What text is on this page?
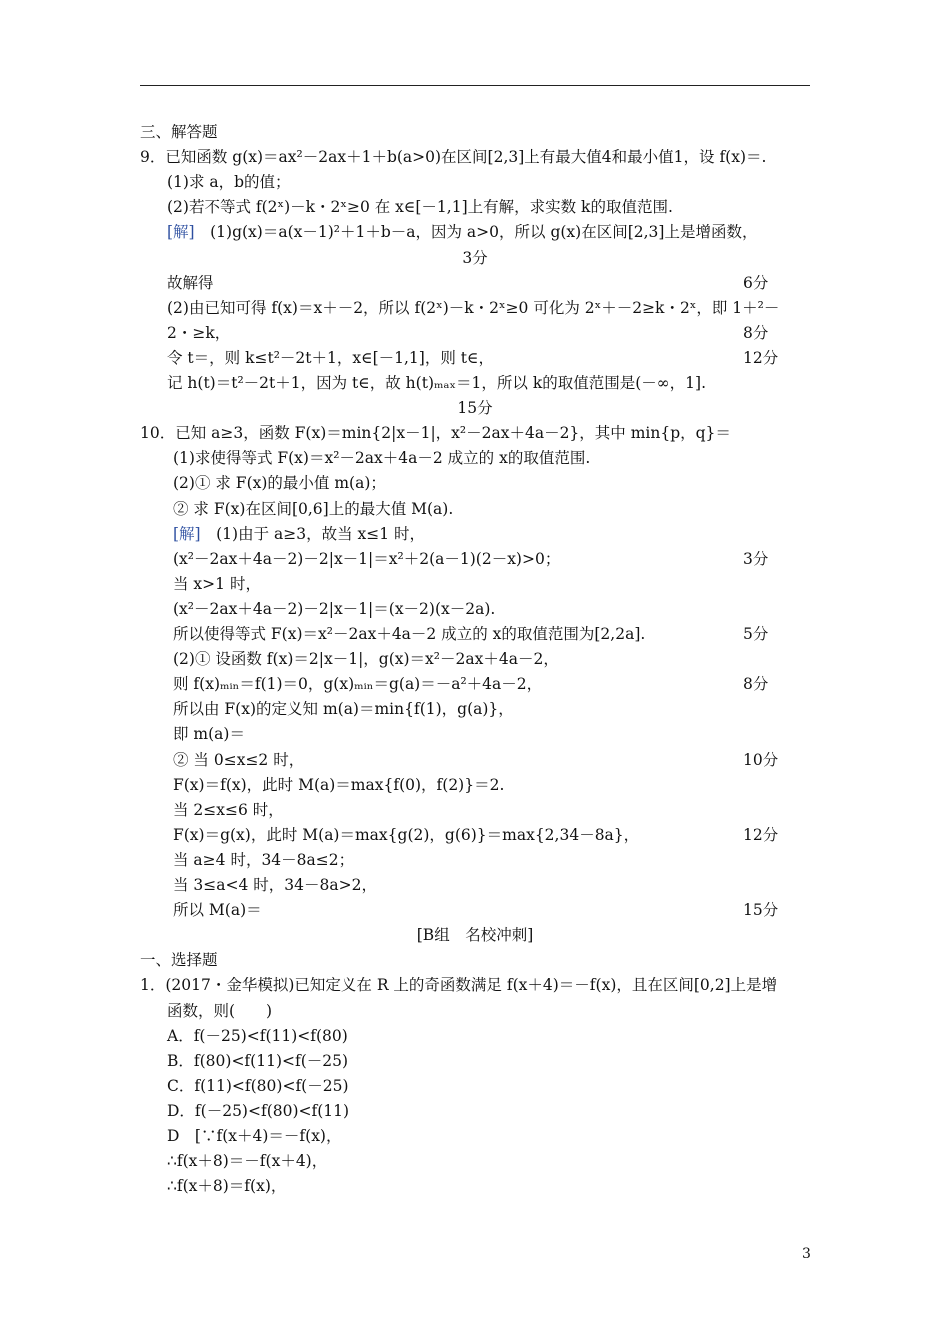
三、解答题
9．已知函数 g(x)＝ax²－2ax＋1＋b(a>0)在区间[2,3]上有最大值4和最小值1，设 f(x)＝.
(1)求 a，b的值；
(2)若不等式 f(2ˣ)－k・2ˣ≥0 在 x∈[－1,1]上有解，求实数 k的取值范围.
[解]　(1)g(x)＝a(x－1)²＋1＋b－a，因为 a>0，所以 g(x)在区间[2,3]上是增函数，
3分
故解得	6分
(2)由已知可得 f(x)＝x＋－2，所以 f(2ˣ)－k・2ˣ≥0 可化为 2ˣ＋－2≥k・2ˣ，即 1＋²－
2・≥k，	8分
令 t＝，则 k≤t²－2t＋1，x∈[－1,1]，则 t∈，	12分
记 h(t)＝t²－2t＋1，因为 t∈，故 h(t)ₘₐₓ＝1，所以 k的取值范围是(－∞，1].
15分
10．已知 a≥3，函数 F(x)＝min{2|x－1|，x²－2ax＋4a－2}，其中 min{p，q}＝
(1)求使得等式 F(x)＝x²－2ax＋4a－2 成立的 x的取值范围.
(2)① 求 F(x)的最小值 m(a)；
② 求 F(x)在区间[0,6]上的最大值 M(a).
[解]　(1)由于 a≥3，故当 x≤1 时，
(x²－2ax＋4a－2)－2|x－1|＝x²＋2(a－1)(2－x)>0；	3分
当 x>1 时，
(x²－2ax＋4a－2)－2|x－1|＝(x－2)(x－2a).
所以使得等式 F(x)＝x²－2ax＋4a－2 成立的 x的取值范围为[2,2a].	5分
(2)① 设函数 f(x)＝2|x－1|，g(x)＝x²－2ax＋4a－2，
则 f(x)ₘᵢₙ＝f(1)＝0，g(x)ₘᵢₙ＝g(a)＝－a²＋4a－2，	8分
所以由 F(x)的定义知 m(a)＝min{f(1)，g(a)}，
即 m(a)＝
② 当 0≤x≤2 时，	10分
F(x)＝f(x)，此时 M(a)＝max{f(0)，f(2)}＝2.
当 2≤x≤6 时，
F(x)＝g(x)，此时 M(a)＝max{g(2)，g(6)}＝max{2,34－8a}，	12分
当 a≥4 时，34－8a≤2；
当 3≤a<4 时，34－8a>2，
所以 M(a)＝	15分
[B组　名校冲刺]
一、选择题
1．(2017・金华模拟)已知定义在 R 上的奇函数满足 f(x＋4)＝－f(x)，且在区间[0,2]上是增
函数，则(　　)
A．f(－25)<f(11)<f(80)
B．f(80)<f(11)<f(－25)
C．f(11)<f(80)<f(－25)
D．f(－25)<f(80)<f(11)
D　[∵f(x＋4)＝－f(x)，
∴f(x＋8)＝－f(x＋4)，
∴f(x＋8)＝f(x)，
3
